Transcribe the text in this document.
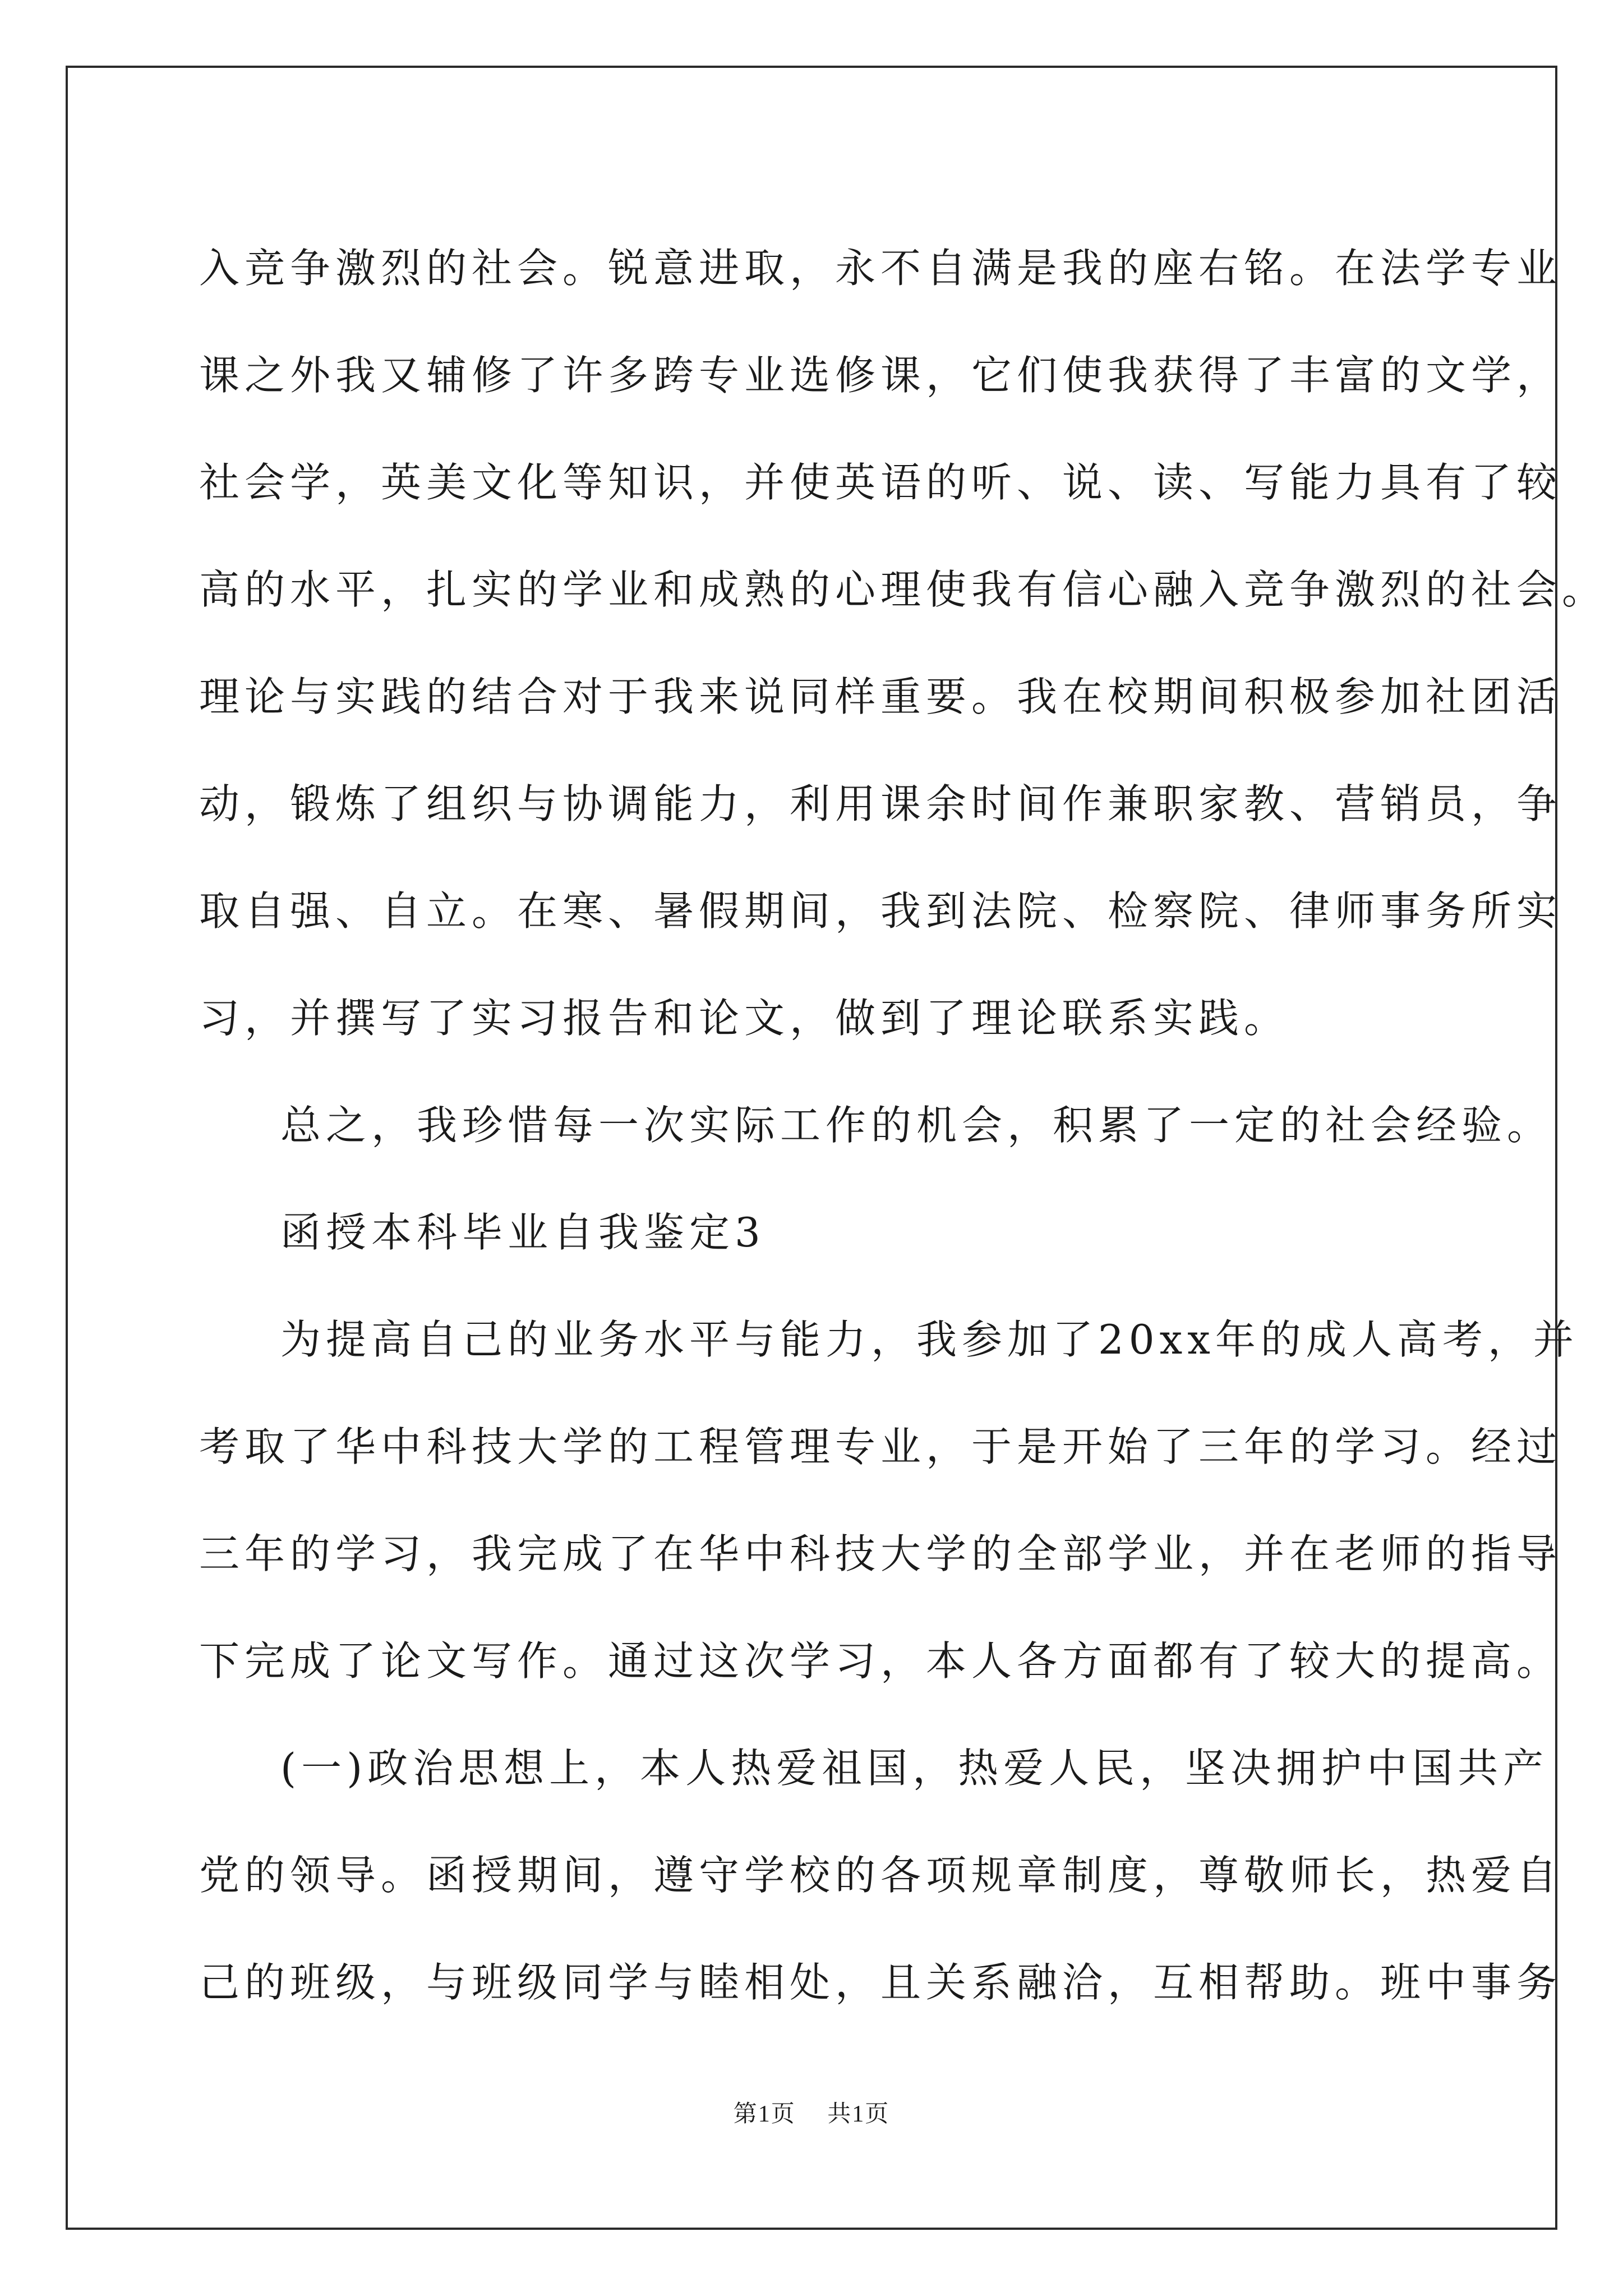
入竞争激烈的社会。锐意进取，永不自满是我的座右铭。在法学专业
课之外我又辅修了许多跨专业选修课，它们使我获得了丰富的文学，
社会学，英美文化等知识，并使英语的听、说、读、写能力具有了较
高的水平，扎实的学业和成熟的心理使我有信心融入竞争激烈的社会。
理论与实践的结合对于我来说同样重要。我在校期间积极参加社团活
动，锻炼了组织与协调能力，利用课余时间作兼职家教、营销员，争
取自强、自立。在寒、暑假期间，我到法院、检察院、律师事务所实
习，并撰写了实习报告和论文，做到了理论联系实践。
总之，我珍惜每一次实际工作的机会，积累了一定的社会经验。
函授本科毕业自我鉴定3
为提高自己的业务水平与能力，我参加了20xx年的成人高考，并
考取了华中科技大学的工程管理专业，于是开始了三年的学习。经过
三年的学习，我完成了在华中科技大学的全部学业，并在老师的指导
下完成了论文写作。通过这次学习，本人各方面都有了较大的提高。
(一)政治思想上，本人热爱祖国，热爱人民，坚决拥护中国共产
党的领导。函授期间，遵守学校的各项规章制度，尊敬师长，热爱自
己的班级，与班级同学与睦相处，且关系融洽，互相帮助。班中事务
第1页 共1页
